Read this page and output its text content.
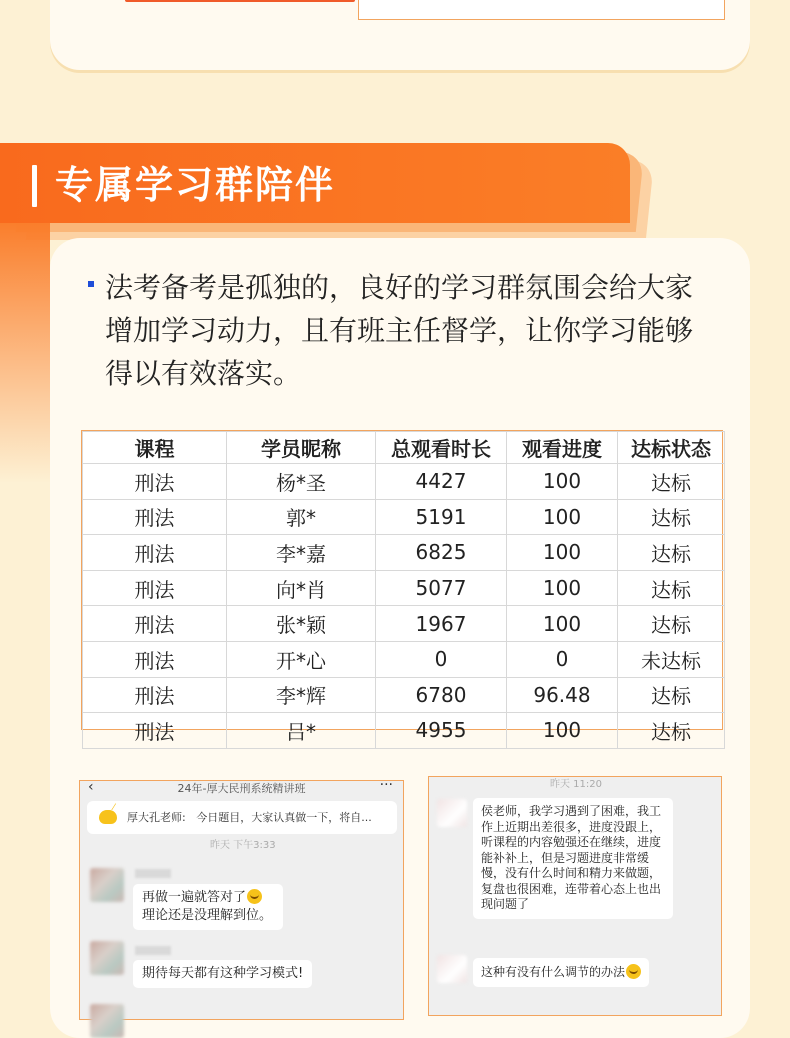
专属学习群陪伴
法考备考是孤独的，良好的学习群氛围会给大家增加学习动力，且有班主任督学，让你学习能够得以有效落实。
课程	学员昵称	总观看时长	观看进度	达标状态
刑法	杨*圣	4427	100	达标
刑法	郭*	5191	100	达标
刑法	李*嘉	6825	100	达标
刑法	向*肖	5077	100	达标
刑法	张*颖	1967	100	达标
刑法	开*心	0	0	未达标
刑法	李*辉	6780	96.48	达标
刑法	吕*	4955	100	达标
‹	24年-厚大民刑系统精讲班	···
⁄
厚大孔老师: 今日题目，大家认真做一下，将自...
昨天 下午3:33
再做一遍就答对了
理论还是没理解到位。
期待每天都有这种学习模式!
昨天 11:20
侯老师，我学习遇到了困难，我工作上近期出差很多，进度没跟上，听课程的内容勉强还在继续，进度能补补上，但是习题进度非常缓慢，没有什么时间和精力来做题，复盘也很困难，连带着心态上也出现问题了
这种有没有什么调节的办法
